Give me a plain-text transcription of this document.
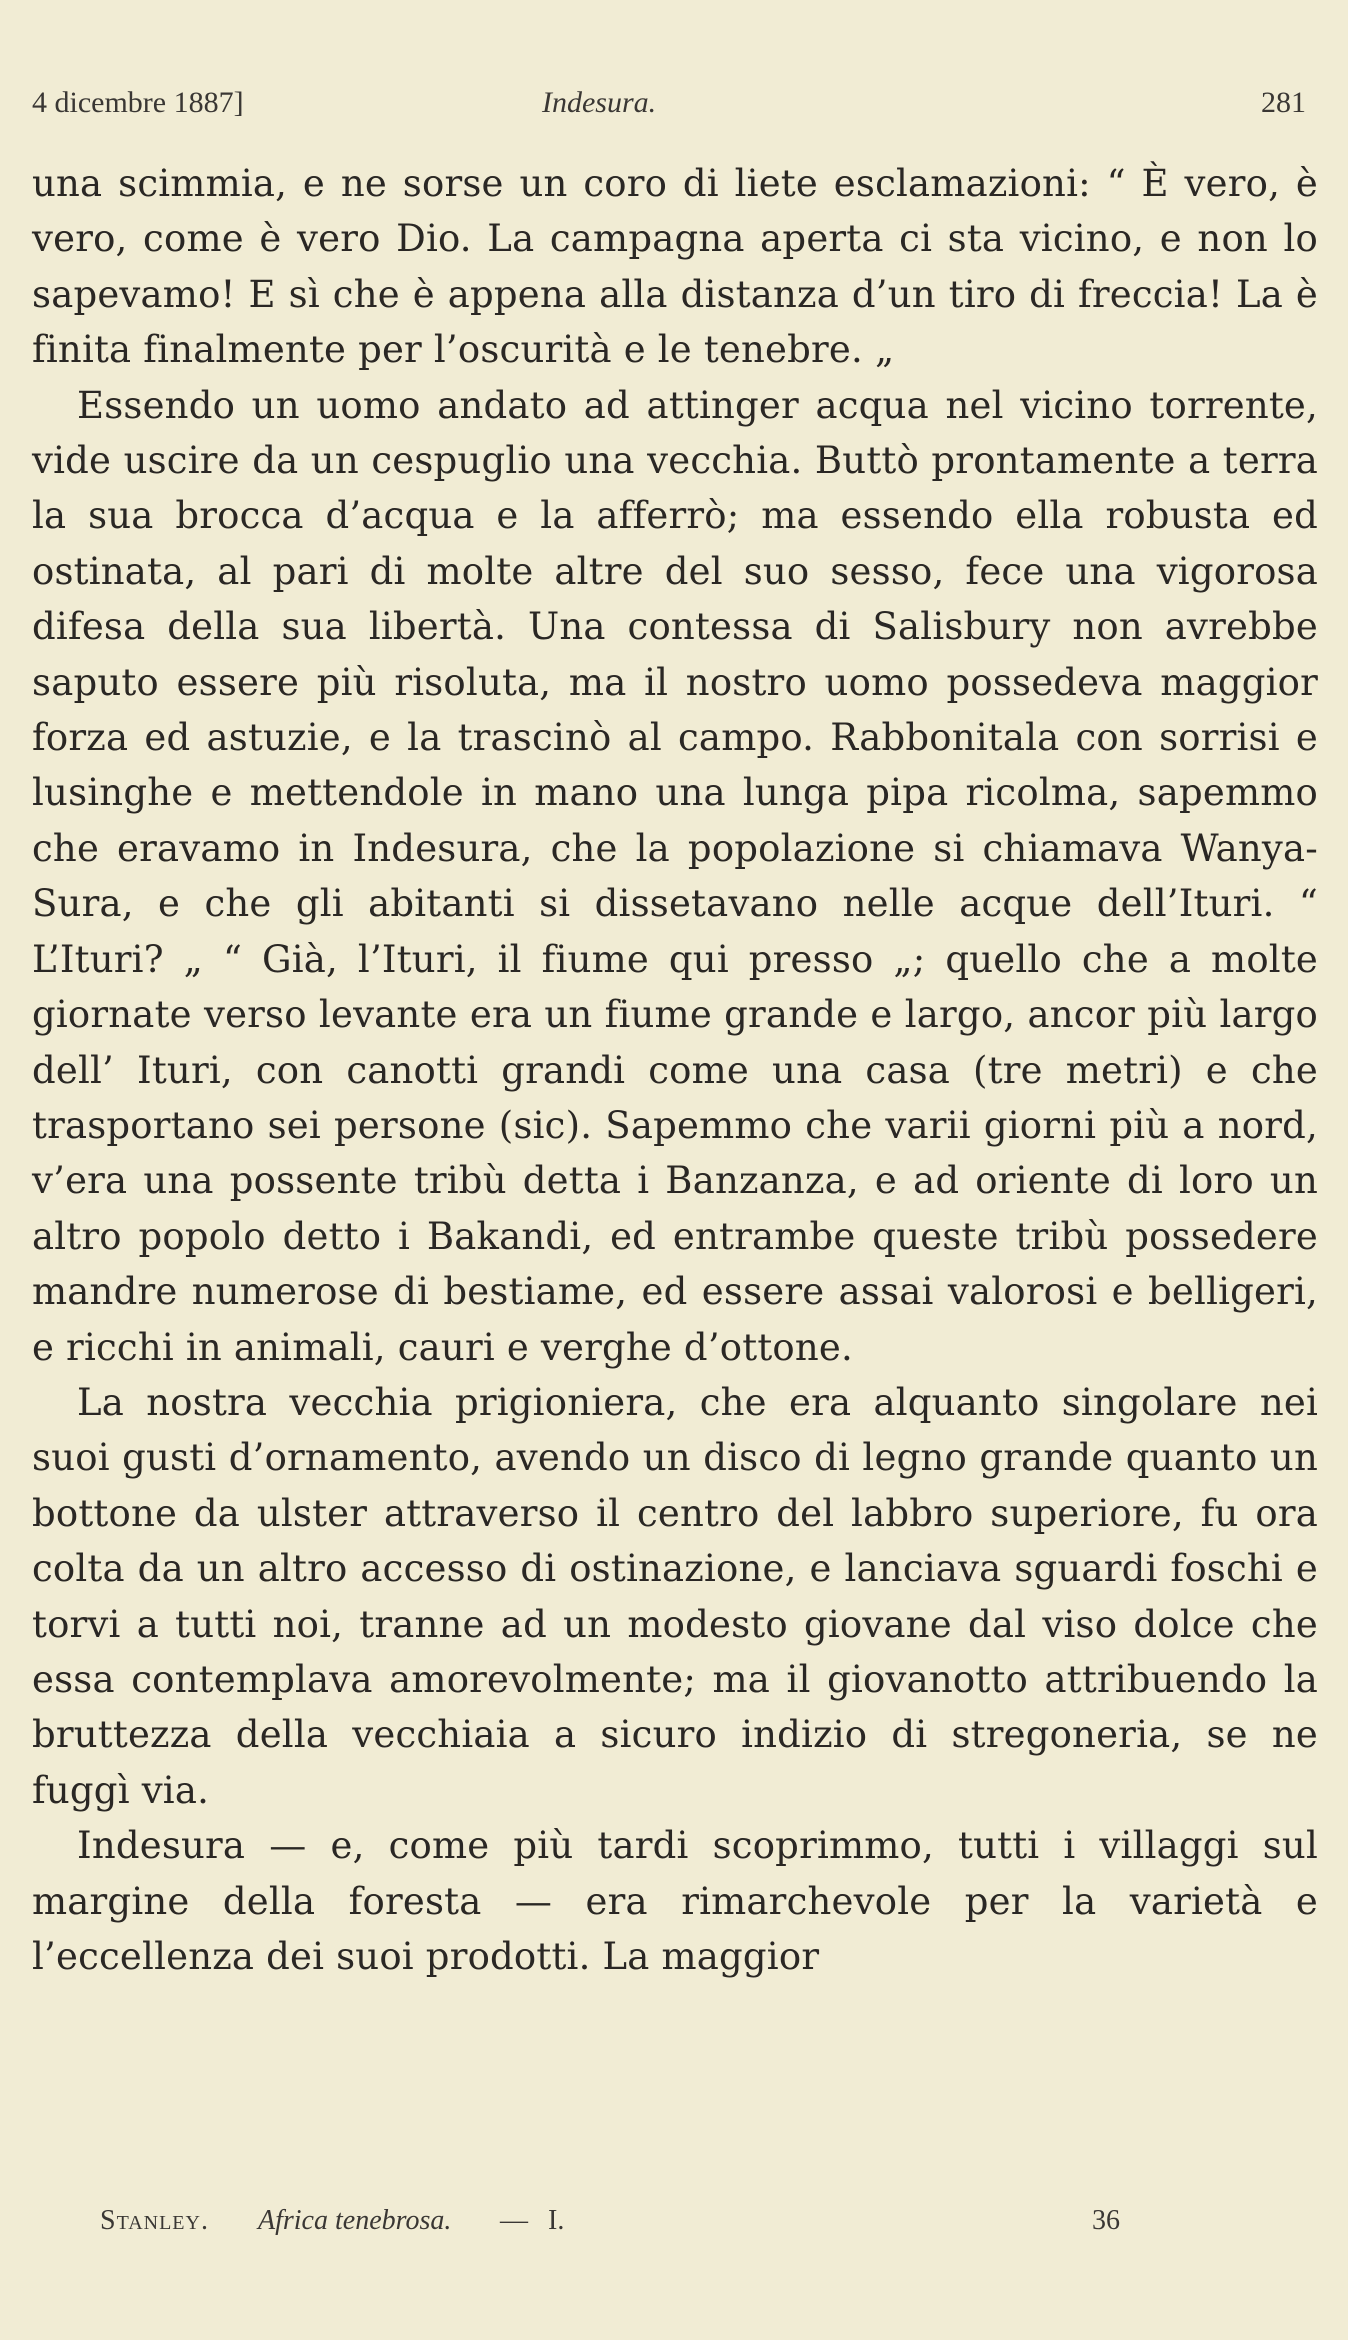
4 dicembre 1887]	Indesura.	281

una scimmia, e ne sorse un coro di liete esclamazioni: “ È vero, è vero, come è vero Dio. La campagna aperta ci sta vicino, e non lo sapevamo! E sì che è appena alla distanza d’un tiro di freccia! La è finita finalmente per l’oscurità e le tenebre. „

Essendo un uomo andato ad attinger acqua nel vicino torrente, vide uscire da un cespuglio una vecchia. Buttò prontamente a terra la sua brocca d’acqua e la afferrò; ma essendo ella robusta ed ostinata, al pari di molte altre del suo sesso, fece una vigorosa difesa della sua libertà. Una contessa di Salisbury non avrebbe saputo essere più risoluta, ma il nostro uomo possedeva maggior forza ed astuzie, e la trascinò al campo. Rabbonitala con sorrisi e lusinghe e mettendole in mano una lunga pipa ricolma, sapemmo che eravamo in Indesura, che la popolazione si chiamava Wanya-Sura, e che gli abitanti si dissetavano nelle acque dell’Ituri. “ L’Ituri? „ “ Già, l’Ituri, il fiume qui presso „; quello che a molte giornate verso levante era un fiume grande e largo, ancor più largo dell’ Ituri, con canotti grandi come una casa (tre metri) e che trasportano sei persone (sic). Sapemmo che varii giorni più a nord, v’era una possente tribù detta i Banzanza, e ad oriente di loro un altro popolo detto i Bakandi, ed entrambe queste tribù possedere mandre numerose di bestiame, ed essere assai valorosi e belligeri, e ricchi in animali, cauri e verghe d’ottone.

La nostra vecchia prigioniera, che era alquanto singolare nei suoi gusti d’ornamento, avendo un disco di legno grande quanto un bottone da ulster attraverso il centro del labbro superiore, fu ora colta da un altro accesso di ostinazione, e lanciava sguardi foschi e torvi a tutti noi, tranne ad un modesto giovane dal viso dolce che essa contemplava amorevolmente; ma il giovanotto attribuendo la bruttezza della vecchiaia a sicuro indizio di stregoneria, se ne fuggì via.

Indesura — e, come più tardi scoprimmo, tutti i villaggi sul margine della foresta — era rimarchevole per la varietà e l’eccellenza dei suoi prodotti. La maggior

Stanley. Africa tenebrosa. — I.	36
